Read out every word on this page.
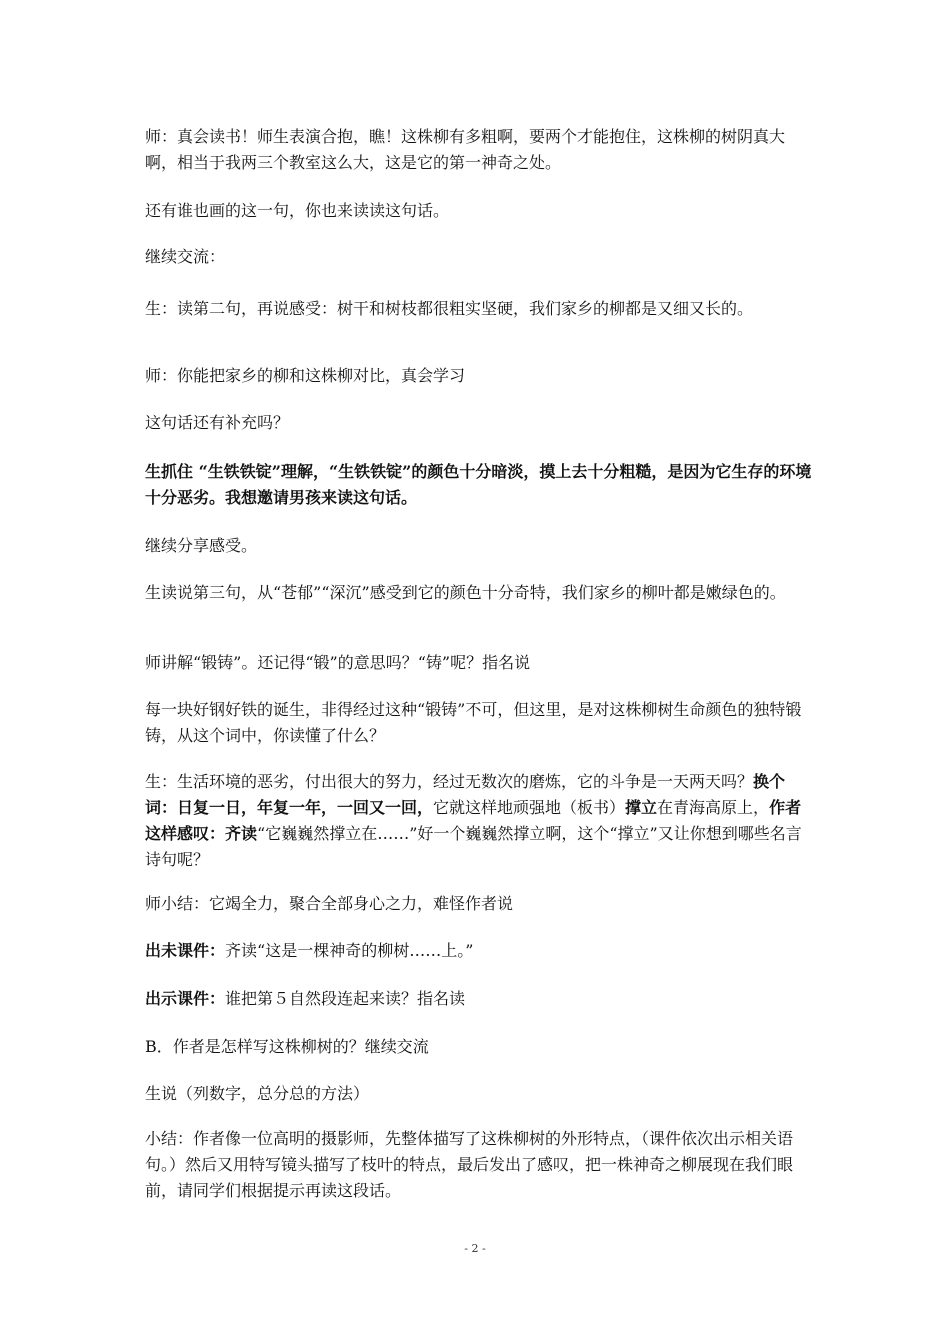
师：真会读书！师生表演合抱，瞧！这株柳有多粗啊，要两个才能抱住，这株柳的树阴真大啊，相当于我两三个教室这么大，这是它的第一神奇之处。

还有谁也画的这一句，你也来读读这句话。

继续交流：

生：读第二句，再说感受：树干和树枝都很粗实坚硬，我们家乡的柳都是又细又长的。

师：你能把家乡的柳和这株柳对比，真会学习

这句话还有补充吗？

生抓住 “生铁铁锭”理解，“生铁铁锭”的颜色十分暗淡，摸上去十分粗糙，是因为它生存的环境十分恶劣。我想邀请男孩来读这句话。

继续分享感受。

生读说第三句，从“苍郁”“深沉”感受到它的颜色十分奇特，我们家乡的柳叶都是嫩绿色的。

师讲解“锻铸”。还记得“锻”的意思吗？“铸”呢？指名说

每一块好钢好铁的诞生，非得经过这种“锻铸”不可，但这里，是对这株柳树生命颜色的独特锻铸，从这个词中，你读懂了什么？

生：生活环境的恶劣，付出很大的努力，经过无数次的磨炼，它的斗争是一天两天吗？换个词：日复一日，年复一年，一回又一回，它就这样地顽强地（板书）撑立在青海高原上，作者这样感叹：齐读“它巍巍然撑立在……”好一个巍巍然撑立啊，这个“撑立”又让你想到哪些名言诗句呢？

师小结：它竭全力，聚合全部身心之力，难怪作者说

出未课件：齐读“这是一棵神奇的柳树……上。”

出示课件：谁把第５自然段连起来读？指名读

B．作者是怎样写这株柳树的？继续交流

生说（列数字，总分总的方法）

小结：作者像一位高明的摄影师，先整体描写了这株柳树的外形特点，（课件依次出示相关语句。）然后又用特写镜头描写了枝叶的特点，最后发出了感叹，把一株神奇之柳展现在我们眼前，请同学们根据提示再读这段话。

- 2 -
